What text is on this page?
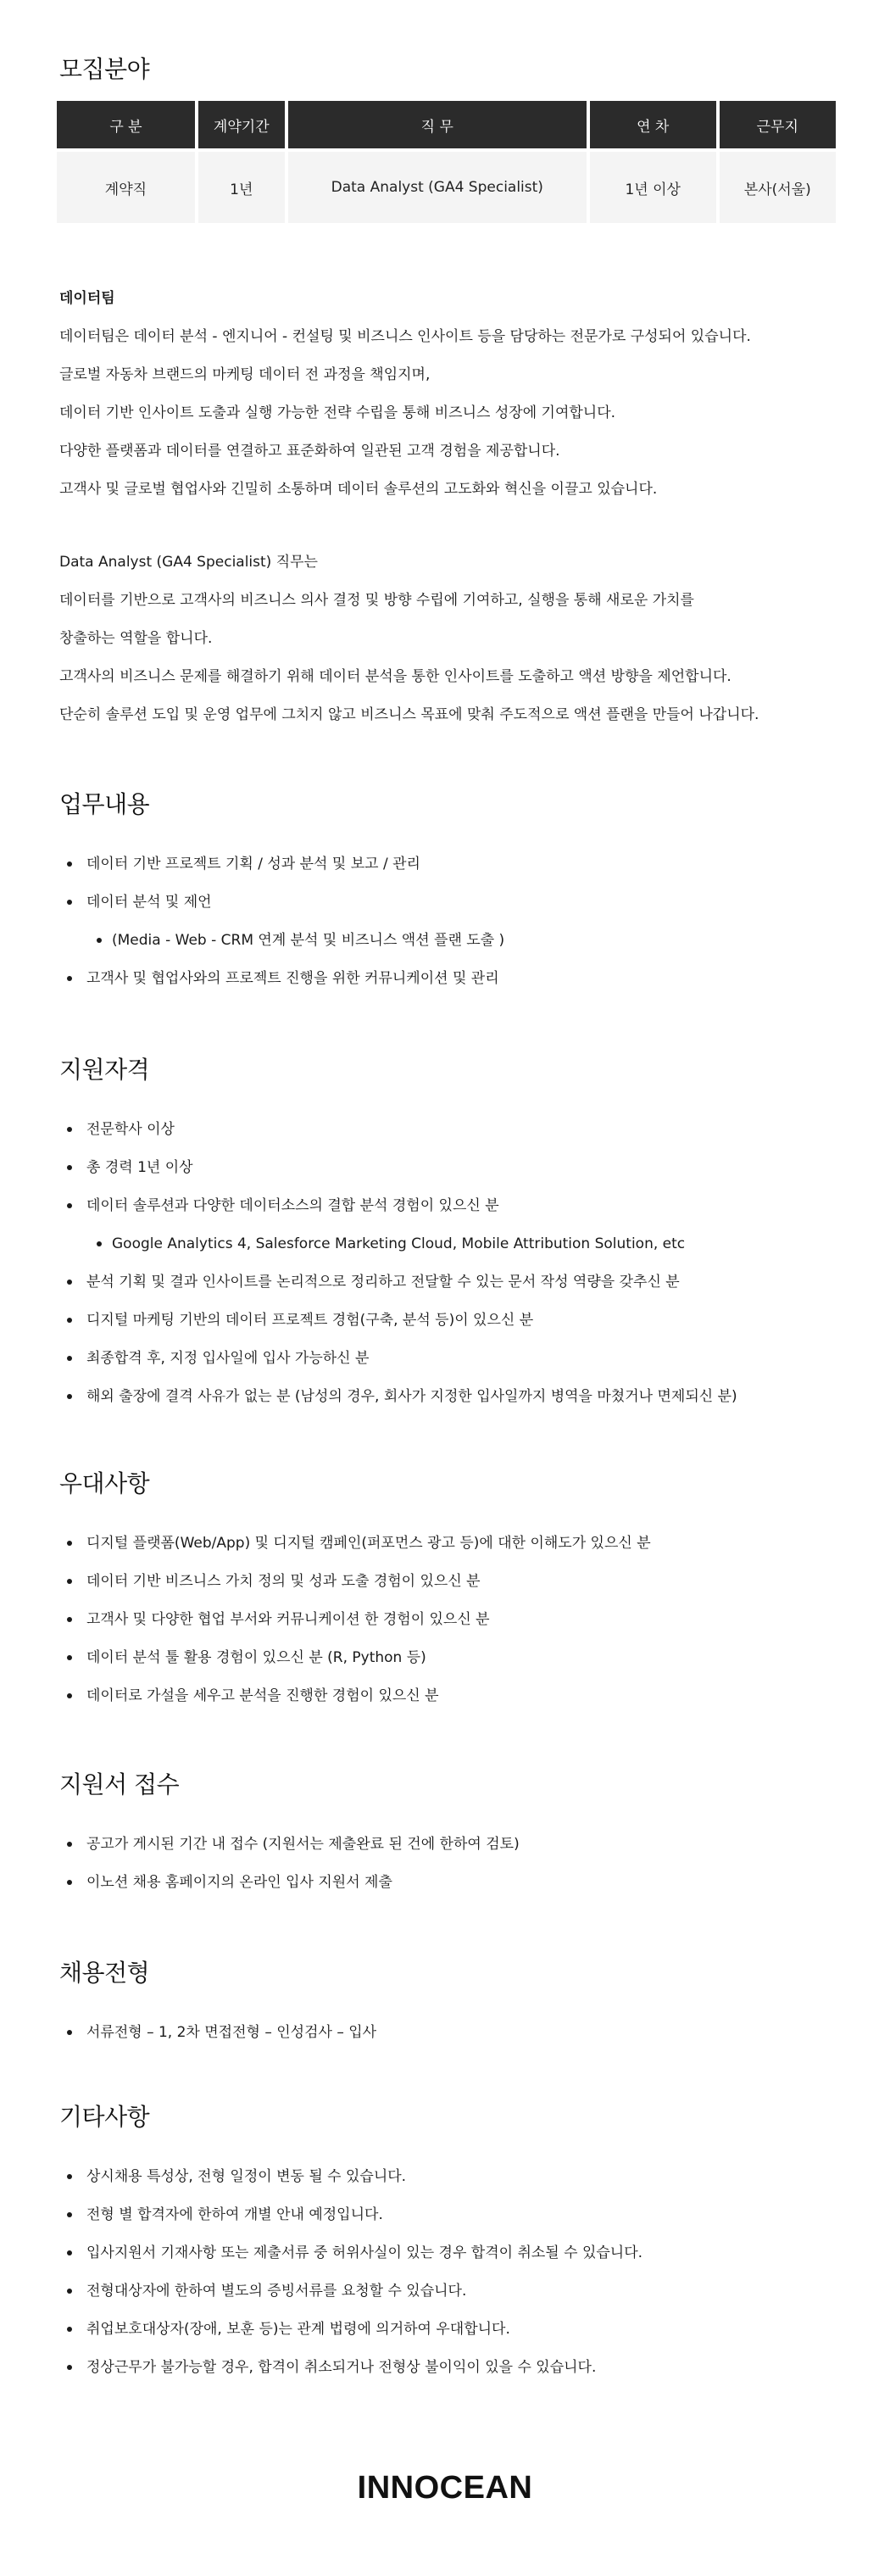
모집분야
구 분	계약기간	직 무	연 차	근무지
계약직	1년	Data Analyst (GA4 Specialist)	1년 이상	본사(서울)

데이터팀

데이터팀은 데이터 분석 - 엔지니어 - 컨설팅 및 비즈니스 인사이트 등을 담당하는 전문가로 구성되어 있습니다.

글로벌 자동차 브랜드의 마케팅 데이터 전 과정을 책임지며,

데이터 기반 인사이트 도출과 실행 가능한 전략 수립을 통해 비즈니스 성장에 기여합니다.

다양한 플랫폼과 데이터를 연결하고 표준화하여 일관된 고객 경험을 제공합니다.

고객사 및 글로벌 협업사와 긴밀히 소통하며 데이터 솔루션의 고도화와 혁신을 이끌고 있습니다.

Data Analyst (GA4 Specialist) 직무는

데이터를 기반으로 고객사의 비즈니스 의사 결정 및 방향 수립에 기여하고, 실행을 통해 새로운 가치를

창출하는 역할을 합니다.

고객사의 비즈니스 문제를 해결하기 위해 데이터 분석을 통한 인사이트를 도출하고 액션 방향을 제언합니다.

단순히 솔루션 도입 및 운영 업무에 그치지 않고 비즈니스 목표에 맞춰 주도적으로 액션 플랜을 만들어 나갑니다.

업무내용
데이터 기반 프로젝트 기획 / 성과 분석 및 보고 / 관리
데이터 분석 및 제언
(Media - Web - CRM 연계 분석 및 비즈니스 액션 플랜 도출 )
고객사 및 협업사와의 프로젝트 진행을 위한 커뮤니케이션 및 관리
지원자격
전문학사 이상
총 경력 1년 이상
데이터 솔루션과 다양한 데이터소스의 결합 분석 경험이 있으신 분
Google Analytics 4, Salesforce Marketing Cloud, Mobile Attribution Solution, etc
분석 기획 및 결과 인사이트를 논리적으로 정리하고 전달할 수 있는 문서 작성 역량을 갖추신 분
디지털 마케팅 기반의 데이터 프로젝트 경험(구축, 분석 등)이 있으신 분
최종합격 후, 지정 입사일에 입사 가능하신 분
해외 출장에 결격 사유가 없는 분 (남성의 경우, 회사가 지정한 입사일까지 병역을 마쳤거나 면제되신 분)
우대사항
디지털 플랫폼(Web/App) 및 디지털 캠페인(퍼포먼스 광고 등)에 대한 이해도가 있으신 분
데이터 기반 비즈니스 가치 정의 및 성과 도출 경험이 있으신 분
고객사 및 다양한 협업 부서와 커뮤니케이션 한 경험이 있으신 분
데이터 분석 툴 활용 경험이 있으신 분 (R, Python 등)
데이터로 가설을 세우고 분석을 진행한 경험이 있으신 분
지원서 접수
공고가 게시된 기간 내 접수 (지원서는 제출완료 된 건에 한하여 검토)
이노션 채용 홈페이지의 온라인 입사 지원서 제출
채용전형
서류전형 – 1, 2차 면접전형 – 인성검사 – 입사
기타사항
상시채용 특성상, 전형 일정이 변동 될 수 있습니다.
전형 별 합격자에 한하여 개별 안내 예정입니다.
입사지원서 기재사항 또는 제출서류 중 허위사실이 있는 경우 합격이 취소될 수 있습니다.
전형대상자에 한하여 별도의 증빙서류를 요청할 수 있습니다.
취업보호대상자(장애, 보훈 등)는 관계 법령에 의거하여 우대합니다.
정상근무가 불가능할 경우, 합격이 취소되거나 전형상 불이익이 있을 수 있습니다.
INNOCEAN
